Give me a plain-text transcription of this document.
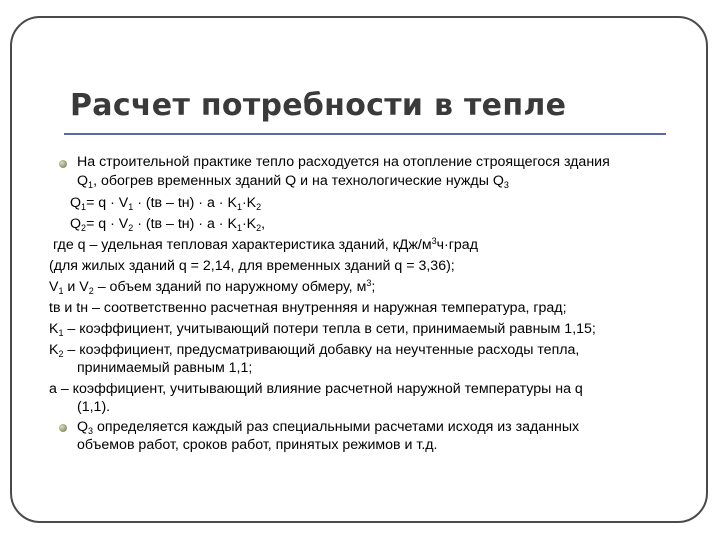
Расчет потребности в тепле
На строительной практике тепло расходуется на отопление строящегося здания
$Q_1$, обогрев временных зданий Q и на технологические нужды $Q_3$
$Q_1= q \cdot V_1 \cdot (tв - tн) \cdot a \cdot K_1\cdot K_2$
$Q_2= q \cdot V_2 \cdot (tв - tн) \cdot a \cdot K_1\cdot K_2$,
где q – удельная тепловая характеристика зданий, кДж/$м^3ч\cdot град$
(для жилых зданий q = 2,14, для временных зданий q = 3,36);
$V_1$ и $V_2$ – объем зданий по наружному обмеру, $м^3$;
tв и tн – соответственно расчетная внутренняя и наружная температура, град;
$K_1$ – коэффициент, учитывающий потери тепла в сети, принимаемый равным 1,15;
$K_2$ – коэффициент, предусматривающий добавку на неучтенные расходы тепла,
принимаемый равным 1,1;
a – коэффициент, учитывающий влияние расчетной наружной температуры на q
(1,1).
$Q_3$ определяется каждый раз специальными расчетами исходя из заданных
объемов работ, сроков работ, принятых режимов и т.д.
